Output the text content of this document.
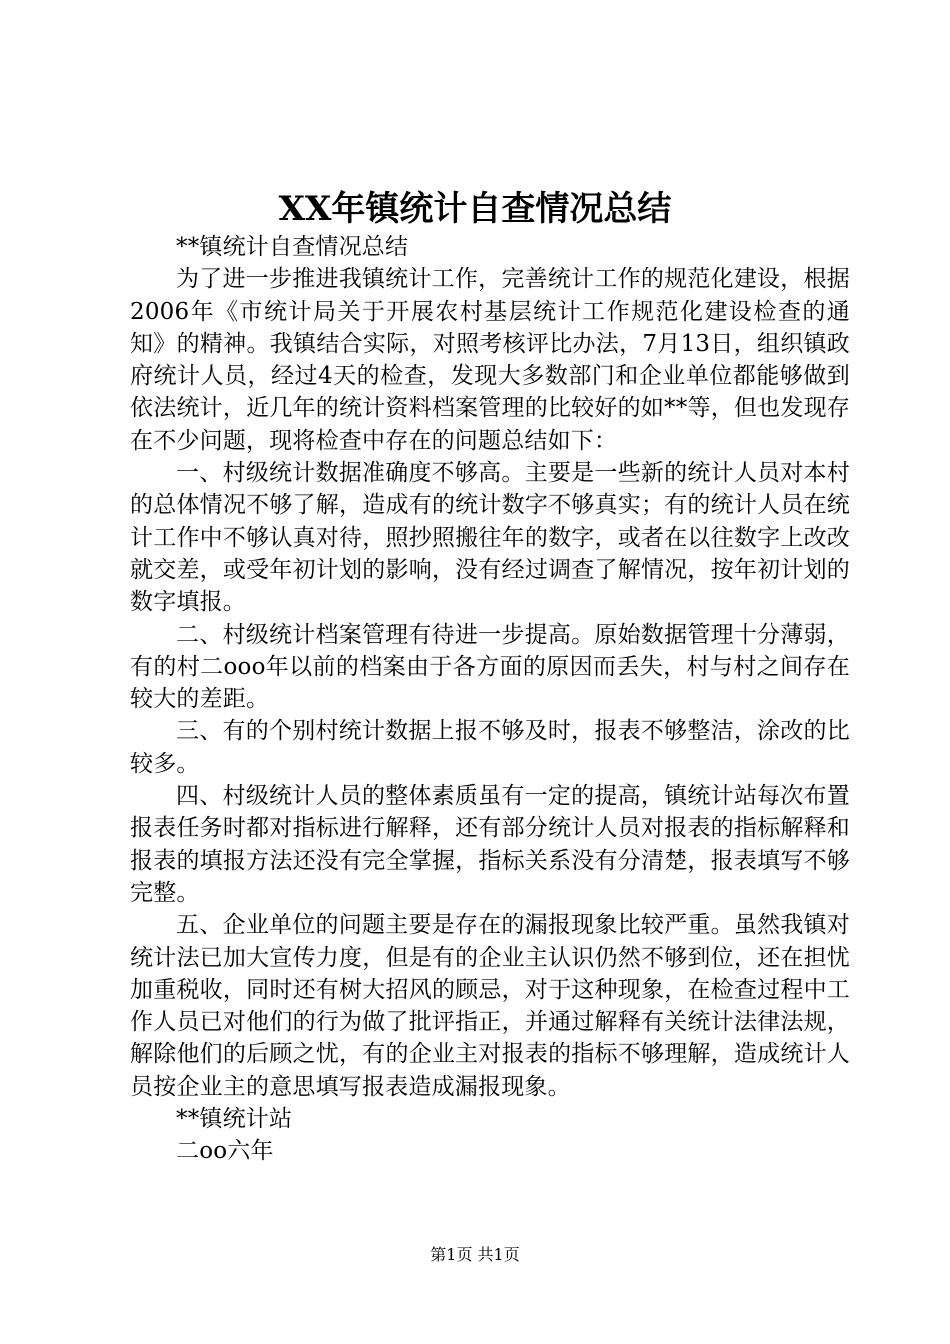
XX年镇统计自查情况总结

**镇统计自查情况总结

为了进一步推进我镇统计工作，完善统计工作的规范化建设，根据2006年《市统计局关于开展农村基层统计工作规范化建设检查的通知》的精神。我镇结合实际，对照考核评比办法，7月13日，组织镇政府统计人员，经过4天的检查，发现大多数部门和企业单位都能够做到依法统计，近几年的统计资料档案管理的比较好的如**等，但也发现存在不少问题，现将检查中存在的问题总结如下：

一、村级统计数据准确度不够高。主要是一些新的统计人员对本村的总体情况不够了解，造成有的统计数字不够真实；有的统计人员在统计工作中不够认真对待，照抄照搬往年的数字，或者在以往数字上改改就交差，或受年初计划的影响，没有经过调查了解情况，按年初计划的数字填报。

二、村级统计档案管理有待进一步提高。原始数据管理十分薄弱，有的村二ooo年以前的档案由于各方面的原因而丢失，村与村之间存在较大的差距。

三、有的个别村统计数据上报不够及时，报表不够整洁，涂改的比较多。

四、村级统计人员的整体素质虽有一定的提高，镇统计站每次布置报表任务时都对指标进行解释，还有部分统计人员对报表的指标解释和报表的填报方法还没有完全掌握，指标关系没有分清楚，报表填写不够完整。

五、企业单位的问题主要是存在的漏报现象比较严重。虽然我镇对统计法已加大宣传力度，但是有的企业主认识仍然不够到位，还在担忧加重税收，同时还有树大招风的顾忌，对于这种现象，在检查过程中工作人员已对他们的行为做了批评指正，并通过解释有关统计法律法规，解除他们的后顾之忧，有的企业主对报表的指标不够理解，造成统计人员按企业主的意思填写报表造成漏报现象。

**镇统计站

二oo六年

第1页 共1页
